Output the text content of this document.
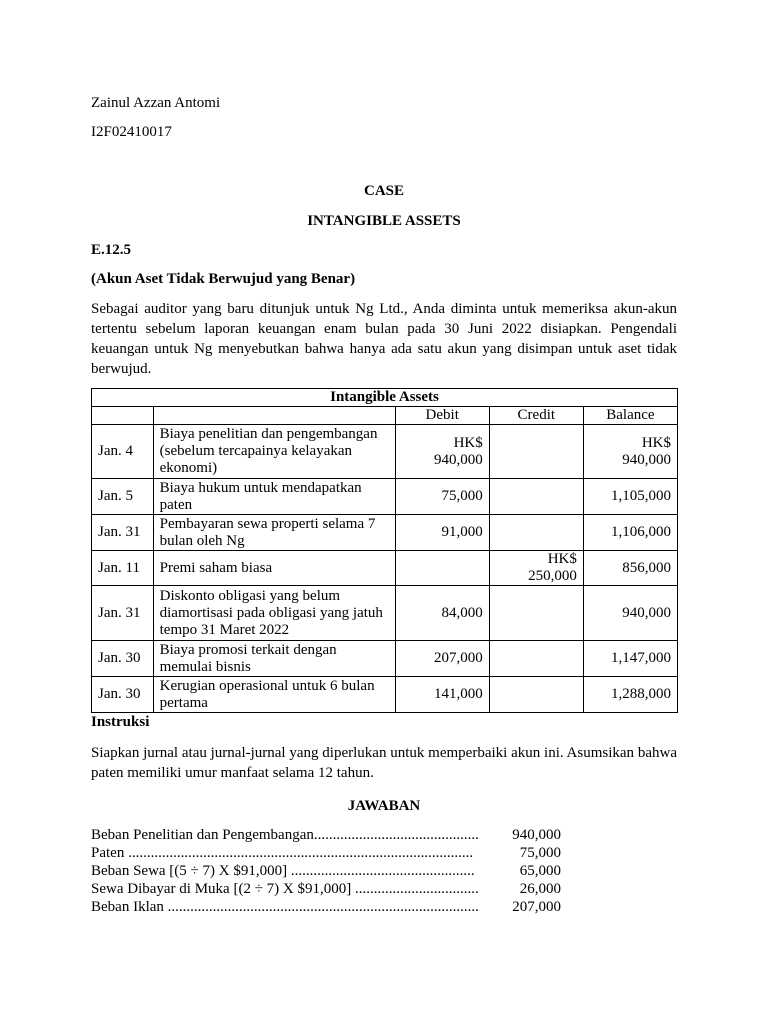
Zainul Azzan Antomi
I2F02410017
CASE
INTANGIBLE ASSETS
E.12.5
(Akun Aset Tidak Berwujud yang Benar)
Sebagai auditor yang baru ditunjuk untuk Ng Ltd., Anda diminta untuk memeriksa akun-akun tertentu sebelum laporan keuangan enam bulan pada 30 Juni 2022 disiapkan. Pengendali keuangan untuk Ng menyebutkan bahwa hanya ada satu akun yang disimpan untuk aset tidak berwujud.
Intangible Assets				
		Debit	Credit	Balance
Jan. 4	Biaya penelitian dan pengembangan (sebelum tercapainya kelayakan ekonomi)	HK$ 940,000		HK$ 940,000
Jan. 5	Biaya hukum untuk mendapatkan paten	75,000		1,105,000
Jan. 31	Pembayaran sewa properti selama 7 bulan oleh Ng	91,000		1,106,000
Jan. 11	Premi saham biasa		HK$ 250,000	856,000
Jan. 31	Diskonto obligasi yang belum diamortisasi pada obligasi yang jatuh tempo 31 Maret 2022	84,000		940,000
Jan. 30	Biaya promosi terkait dengan memulai bisnis	207,000		1,147,000
Jan. 30	Kerugian operasional untuk 6 bulan pertama	141,000		1,288,000
Instruksi
Siapkan jurnal atau jurnal-jurnal yang diperlukan untuk memperbaiki akun ini. Asumsikan bahwa paten memiliki umur manfaat selama 12 tahun.
JAWABAN
Beban Penelitian dan Pengembangan............................................	940,000
Paten ............................................................................................	75,000
Beban Sewa [(5 ÷ 7) X $91,000] .................................................	65,000
Sewa Dibayar di Muka [(2 ÷ 7) X $91,000] .................................	26,000
Beban Iklan ...................................................................................	207,000
